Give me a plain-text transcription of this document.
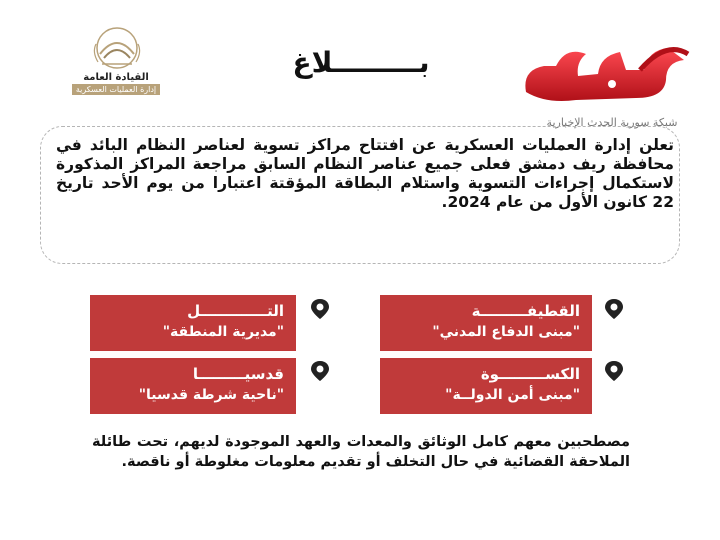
القيادة العامة
إدارة العمليات العسكرية
بـــــــــلاغ
شبكة سورية الحدث الإخبارية
تعلن إدارة العمليات العسكرية عن افتتاح مراكز تسوية لعناصر النظام البائد في محافظة ريف دمشق فعلى جميع عناصر النظام السابق مراجعة المراكز المذكورة لاستكمال إجراءات التسوية واستلام البطاقة المؤقتة اعتبارا من يوم الأحد تاريخ 22 كانون الأول من عام 2024.
القطيفـــــــــة
"مبنى الدفاع المدني"
التـــــــــــــل
"مديرية المنطقة"
الكســـــــــوة
"مبنى أمن الدولــة"
قدسيـــــــــا
"ناحية شرطة قدسيا"
مصطحبين معهم كامل الوثائق والمعدات والعهد الموجودة لديهم، تحت طائلة الملاحقة القضائية في حال التخلف أو تقديم معلومات مغلوطة أو ناقصة.
